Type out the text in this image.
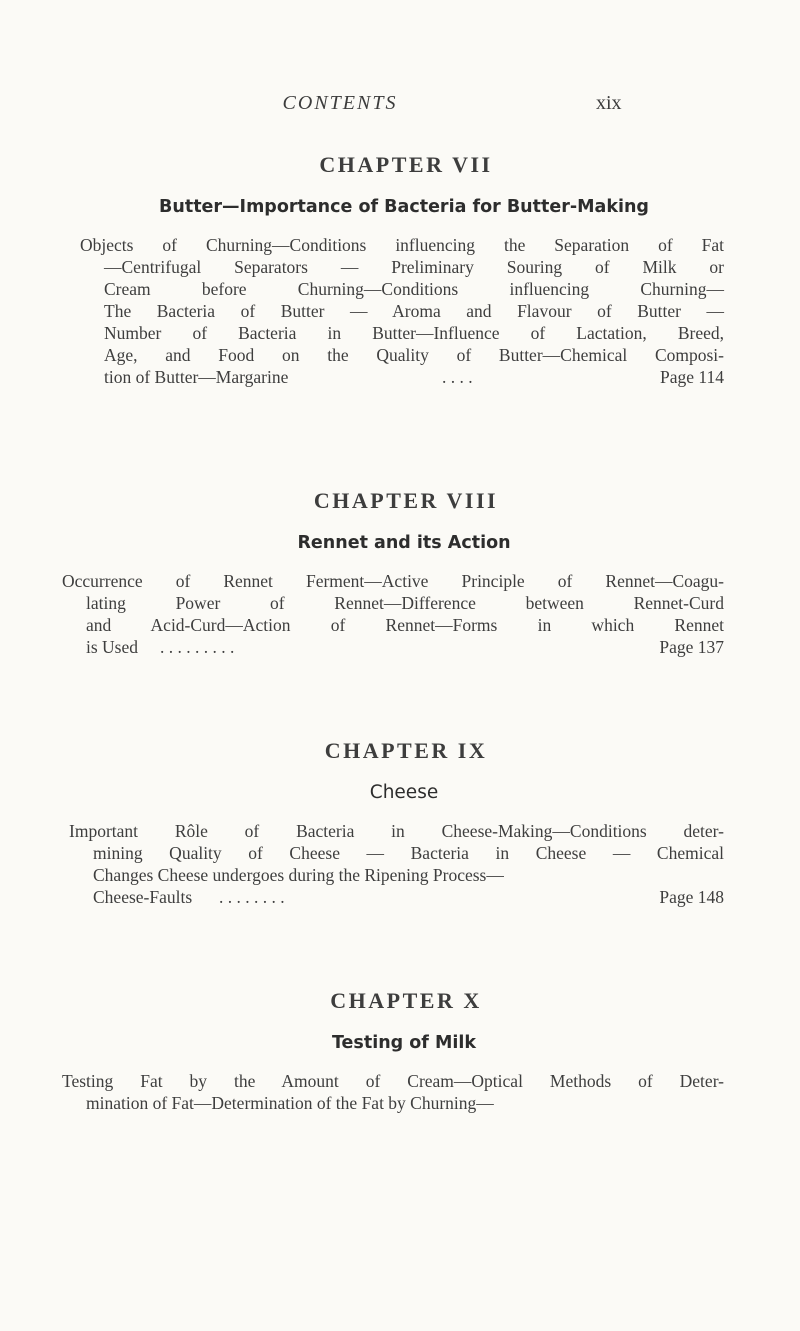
CONTENTS	xix
CHAPTER VII
Butter—Importance of Bacteria for Butter-Making
Objects of Churning—Conditions influencing the Separation of Fat
—Centrifugal Separators — Preliminary Souring of Milk or
Cream before Churning—Conditions influencing Churning—
The Bacteria of Butter — Aroma and Flavour of Butter —
Number of Bacteria in Butter—Influence of Lactation, Breed,
Age, and Food on the Quality of Butter—Chemical Composi-
tion of Butter—Margarine	. . . .	Page 114
CHAPTER VIII
Rennet and its Action
Occurrence of Rennet Ferment—Active Principle of Rennet—Coagu-
lating Power of Rennet—Difference between Rennet-Curd
and Acid-Curd—Action of Rennet—Forms in which Rennet
is Used . . . . . . . . .	Page 137
CHAPTER IX
Cheese
Important Rôle of Bacteria in Cheese-Making—Conditions deter-
mining Quality of Cheese — Bacteria in Cheese — Chemical
Changes Cheese undergoes during the Ripening Process—
Cheese-Faults . . . . . . . .	Page 148
CHAPTER X
Testing of Milk
Testing Fat by the Amount of Cream—Optical Methods of Deter-
mination of Fat—Determination of the Fat by Churning—
